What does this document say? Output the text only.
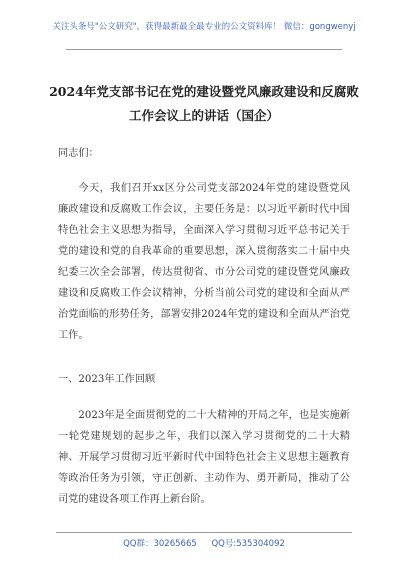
关注头条号"公文研究"，获得最新最全最专业的公文资料库！ 微信：gongwenyj
2024年党支部书记在党的建设暨党风廉政建设和反腐败工作会议上的讲话（国企）
同志们：
今天，我们召开xx区分公司党支部2024年党的建设暨党风廉政建设和反腐败工作会议，主要任务是：以习近平新时代中国特色社会主义思想为指导，全面深入学习贯彻习近平总书记关于党的建设和党的自我革命的重要思想，深入贯彻落实二十届中央纪委三次全会部署，传达贯彻省、市分公司党的建设暨党风廉政建设和反腐败工作会议精神，分析当前公司党的建设和全面从严治党面临的形势任务，部署安排2024年党的建设和全面从严治党工作。
一、2023年工作回顾
2023年是全面贯彻党的二十大精神的开局之年，也是实施新一轮党建规划的起步之年，我们以深入学习贯彻党的二十大精神、开展学习贯彻习近平新时代中国特色社会主义思想主题教育等政治任务为引领，守正创新、主动作为、勇开新局，推动了公司党的建设各项工作再上新台阶。
QQ群：30265665 QQ号:535304092
